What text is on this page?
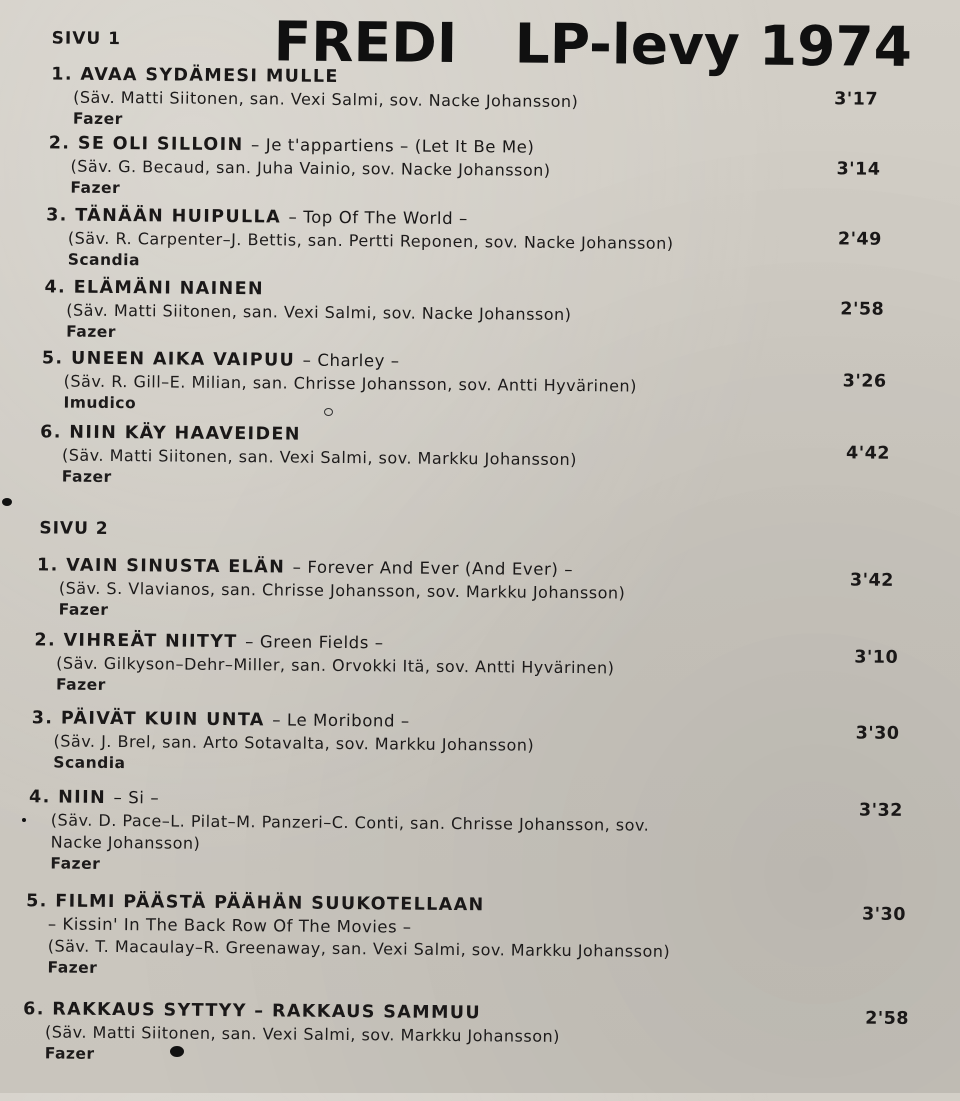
FREDI   LP-levy 1974
SIVU 1
1. AVAA SYDÄMESI MULLE
(Säv. Matti Siitonen, san. Vexi Salmi, sov. Nacke Johansson)
Fazer
3'17
2. SE OLI SILLOIN – Je t'appartiens – (Let It Be Me)
(Säv. G. Becaud, san. Juha Vainio, sov. Nacke Johansson)
Fazer
3'14
3. TÄNÄÄN HUIPULLA – Top Of The World –
(Säv. R. Carpenter–J. Bettis, san. Pertti Reponen, sov. Nacke Johansson)
Scandia
2'49
4. ELÄMÄNI NAINEN
(Säv. Matti Siitonen, san. Vexi Salmi, sov. Nacke Johansson)
Fazer
2'58
5. UNEEN AIKA VAIPUU – Charley –
(Säv. R. Gill–E. Milian, san. Chrisse Johansson, sov. Antti Hyvärinen)
Imudico
3'26
6. NIIN KÄY HAAVEIDEN
(Säv. Matti Siitonen, san. Vexi Salmi, sov. Markku Johansson)
Fazer
4'42
SIVU 2
1. VAIN SINUSTA ELÄN – Forever And Ever (And Ever) –
(Säv. S. Vlavianos, san. Chrisse Johansson, sov. Markku Johansson)
Fazer
3'42
2. VIHREÄT NIITYT – Green Fields –
(Säv. Gilkyson–Dehr–Miller, san. Orvokki Itä, sov. Antti Hyvärinen)
Fazer
3'10
3. PÄIVÄT KUIN UNTA – Le Moribond –
(Säv. J. Brel, san. Arto Sotavalta, sov. Markku Johansson)
Scandia
3'30
4. NIIN – Si –
(Säv. D. Pace–L. Pilat–M. Panzeri–C. Conti, san. Chrisse Johansson, sov.
Nacke Johansson)
Fazer
3'32
5. FILMI PÄÄSTÄ PÄÄHÄN SUUKOTELLAAN
– Kissin' In The Back Row Of The Movies –
(Säv. T. Macaulay–R. Greenaway, san. Vexi Salmi, sov. Markku Johansson)
Fazer
3'30
6. RAKKAUS SYTTYY – RAKKAUS SAMMUU
(Säv. Matti Siitonen, san. Vexi Salmi, sov. Markku Johansson)
Fazer
2'58
